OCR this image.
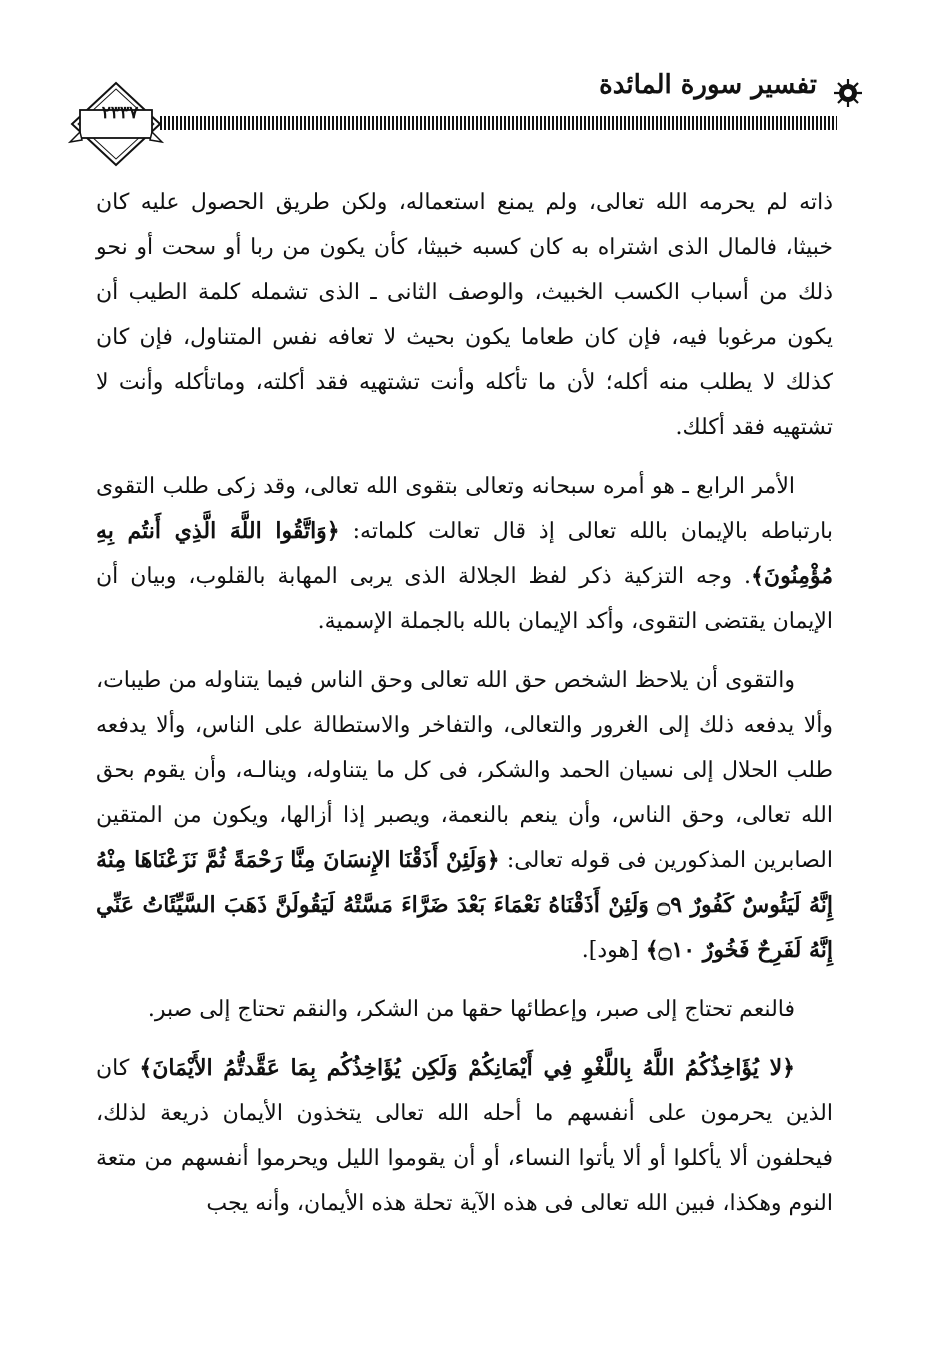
تفسير سورة المائدة
٢٣٣٧

ذاته لم يحرمه الله تعالى، ولم يمنع استعماله، ولكن طريق الحصول عليه كان خبيثا، فالمال الذى اشتراه به كان كسبه خبيثا، كأن يكون من ربا أو سحت أو نحو ذلك من أسباب الكسب الخبيث، والوصف الثانى ـ الذى تشمله كلمة الطيب أن يكون مرغوبا فيه، فإن كان طعاما يكون بحيث لا تعافه نفس المتناول، فإن كان كذلك لا يطلب منه أكله؛ لأن ما تأكله وأنت تشتهيه فقد أكلته، وماتأكله وأنت لا تشتهيه فقد أكلك.

الأمر الرابع ـ هو أمره سبحانه وتعالى بتقوى الله تعالى، وقد زكى طلب التقوى بارتباطه بالإيمان بالله تعالى إذ قال تعالت كلماته: ﴿وَاتَّقُوا اللَّهَ الَّذِي أَنتُم بِهِ مُؤْمِنُونَ﴾. وجه التزكية ذكر لفظ الجلالة الذى يربى المهابة بالقلوب، وبيان أن الإيمان يقتضى التقوى، وأكد الإيمان بالله بالجملة الإسمية.

والتقوى أن يلاحظ الشخص حق الله تعالى وحق الناس فيما يتناوله من طيبات، وألا يدفعه ذلك إلى الغرور والتعالى، والتفاخر والاستطالة على الناس، وألا يدفعه طلب الحلال إلى نسيان الحمد والشكر، فى كل ما يتناوله، وينالـه، وأن يقوم بحق الله تعالى، وحق الناس، وأن ينعم بالنعمة، ويصبر إذا أزالها، ويكون من المتقين الصابرين المذكورين فى قوله تعالى: ﴿وَلَئِنْ أَذَقْنَا الإِنسَانَ مِنَّا رَحْمَةً ثُمَّ نَزَعْنَاهَا مِنْهُ إِنَّهُ لَيَئُوسٌ كَفُورٌ ۝٩ وَلَئِنْ أَذَقْنَاهُ نَعْمَاءَ بَعْدَ ضَرَّاءَ مَسَّتْهُ لَيَقُولَنَّ ذَهَبَ السَّيِّئَاتُ عَنِّي إِنَّهُ لَفَرِحٌ فَخُورٌ ۝١٠﴾ [هود].

فالنعم تحتاج إلى صبر، وإعطائها حقها من الشكر، والنقم تحتاج إلى صبر.

﴿لا يُؤَاخِذُكُمُ اللَّهُ بِاللَّغْوِ فِي أَيْمَانِكُمْ وَلَكِن يُؤَاخِذُكُم بِمَا عَقَّدتُّمُ الأَيْمَانَ﴾ كان الذين يحرمون على أنفسهم ما أحله الله تعالى يتخذون الأيمان ذريعة لذلك، فيحلفون ألا يأكلوا أو ألا يأتوا النساء، أو أن يقوموا الليل ويحرموا أنفسهم من متعة النوم وهكذا، فبين الله تعالى فى هذه الآية تحلة هذه الأيمان، وأنه يجب
